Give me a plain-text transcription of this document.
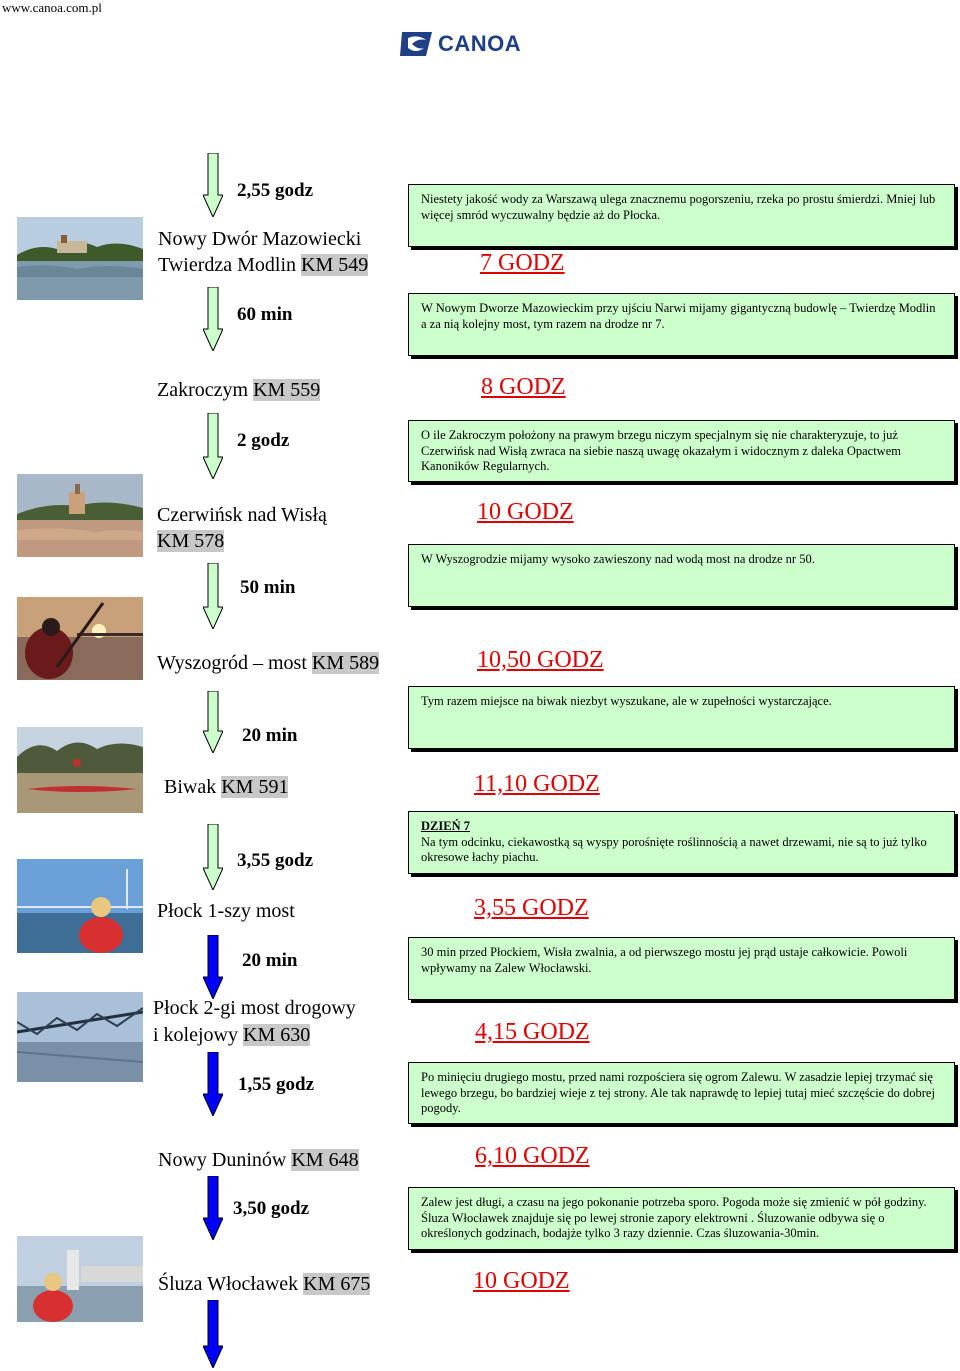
www.canoa.com.pl
CANOA
2,55 godz
60 min
2 godz
50 min
20 min
3,55 godz
20 min
1,55 godz
3,50 godz
Nowy Dwór Mazowiecki
Twierdza Modlin KM 549
Zakroczym KM 559
Czerwińsk nad Wisłą
KM 578
Wyszogród – most KM 589
Biwak KM 591
Płock 1-szy most
Płock 2-gi most drogowy
i kolejowy KM 630
Nowy Duninów KM 648
Śluza Włocławek KM 675
Niestety jakość wody za Warszawą ulega znacznemu pogorszeniu, rzeka po prostu śmierdzi. Mniej lub więcej smród wyczuwalny będzie aż do Płocka.
W Nowym Dworze Mazowieckim przy ujściu Narwi mijamy gigantyczną budowlę – Twierdzę Modlin a za nią kolejny most, tym razem na drodze nr 7.
O ile Zakroczym położony na prawym brzegu niczym specjalnym się nie charakteryzuje, to już Czerwińsk nad Wisłą zwraca na siebie naszą uwagę okazałym i widocznym z daleka Opactwem Kanoników Regularnych.
W Wyszogrodzie mijamy wysoko zawieszony nad wodą most na drodze nr 50.
Tym razem miejsce na biwak niezbyt wyszukane, ale w zupełności wystarczające.
DZIEŃ 7
Na tym odcinku, ciekawostką są wyspy porośnięte roślinnością a nawet drzewami, nie są to już tylko okresowe łachy piachu.
30 min przed Płockiem, Wisła zwalnia, a od pierwszego mostu jej prąd ustaje całkowicie. Powoli wpływamy na Zalew Włocławski.
Po minięciu drugiego mostu, przed nami rozpościera się ogrom Zalewu. W zasadzie lepiej trzymać się lewego brzegu, bo bardziej wieje z tej strony. Ale tak naprawdę to lepiej tutaj mieć szczęście do dobrej pogody.
Zalew jest długi, a czasu na jego pokonanie potrzeba sporo. Pogoda może się zmienić w pół godziny. Śluza Włocławek znajduje się po lewej stronie zapory elektrowni . Śluzowanie odbywa się o określonych godzinach, bodajże tylko 3 razy dziennie. Czas śluzowania-30min.
7 GODZ
8 GODZ
10 GODZ
10,50 GODZ
11,10 GODZ
3,55 GODZ
4,15 GODZ
6,10 GODZ
10 GODZ
